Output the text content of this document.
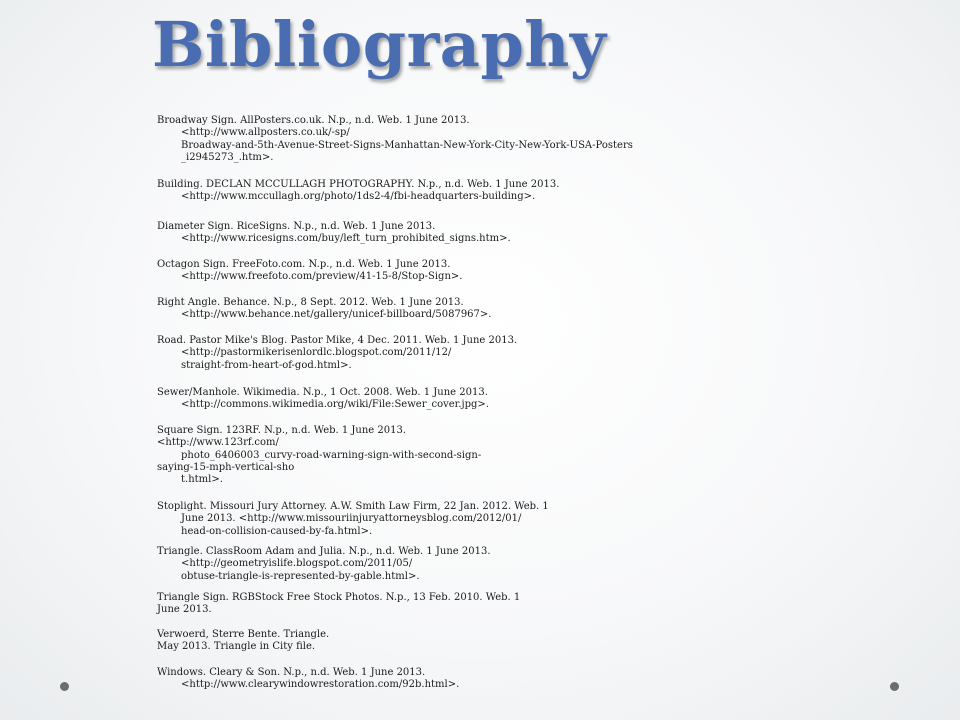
Bibliography
Broadway Sign. AllPosters.co.uk. N.p., n.d. Web. 1 June 2013.
<http://www.allposters.co.uk/-sp/
Broadway-and-5th-Avenue-Street-Signs-Manhattan-New-York-City-New-York-USA-Posters
_i2945273_.htm>.
Building. DECLAN MCCULLAGH PHOTOGRAPHY. N.p., n.d. Web. 1 June 2013.
<http://www.mccullagh.org/photo/1ds2-4/fbi-headquarters-building>.
Diameter Sign. RiceSigns. N.p., n.d. Web. 1 June 2013.
<http://www.ricesigns.com/buy/left_turn_prohibited_signs.htm>.
Octagon Sign. FreeFoto.com. N.p., n.d. Web. 1 June 2013.
<http://www.freefoto.com/preview/41-15-8/Stop-Sign>.
Right Angle. Behance. N.p., 8 Sept. 2012. Web. 1 June 2013.
<http://www.behance.net/gallery/unicef-billboard/5087967>.
Road. Pastor Mike's Blog. Pastor Mike, 4 Dec. 2011. Web. 1 June 2013.
<http://pastormikerisenlordlc.blogspot.com/2011/12/
straight-from-heart-of-god.html>.
Sewer/Manhole. Wikimedia. N.p., 1 Oct. 2008. Web. 1 June 2013.
<http://commons.wikimedia.org/wiki/File:Sewer_cover.jpg>.
Square Sign. 123RF. N.p., n.d. Web. 1 June 2013.
<http://www.123rf.com/
photo_6406003_curvy-road-warning-sign-with-second-sign-
saying-15-mph-vertical-sho
t.html>.
Stoplight. Missouri Jury Attorney. A.W. Smith Law Firm, 22 Jan. 2012. Web. 1
June 2013. <http://www.missouriinjuryattorneysblog.com/2012/01/
head-on-collision-caused-by-fa.html>.
Triangle. ClassRoom Adam and Julia. N.p., n.d. Web. 1 June 2013.
<http://geometryislife.blogspot.com/2011/05/
obtuse-triangle-is-represented-by-gable.html>.
Triangle Sign. RGBStock Free Stock Photos. N.p., 13 Feb. 2010. Web. 1
June 2013.
Verwoerd, Sterre Bente. Triangle.
May 2013. Triangle in City file.
Windows. Cleary & Son. N.p., n.d. Web. 1 June 2013.
<http://www.clearywindowrestoration.com/92b.html>.
